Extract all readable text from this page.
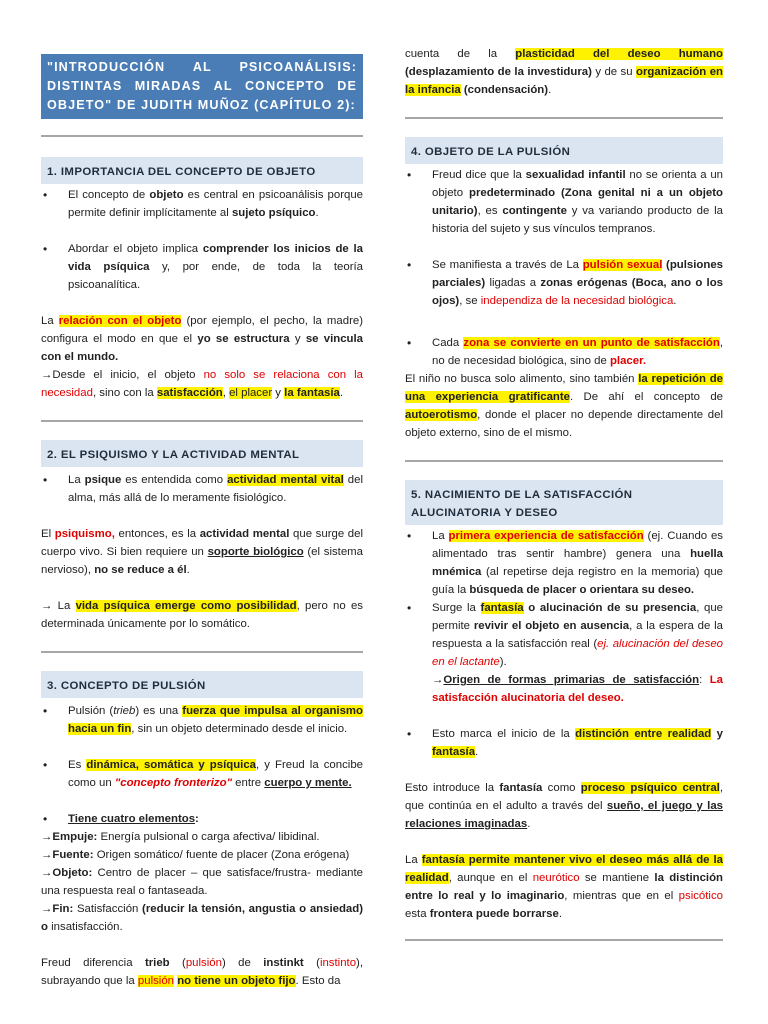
"INTRODUCCIÓN AL PSICOANÁLISIS:
DISTINTAS MIRADAS AL CONCEPTO DE
OBJETO" DE JUDITH MUÑOZ (CAPÍTULO 2):
1. IMPORTANCIA DEL CONCEPTO DE OBJETO
• El concepto de objeto es central en psicoanálisis porque permite definir implícitamente al sujeto psíquico.
• Abordar el objeto implica comprender los inicios de la vida psíquica y, por ende, de toda la teoría psicoanalítica.
La relación con el objeto (por ejemplo, el pecho, la madre) configura el modo en que el yo se estructura y se vincula con el mundo.
→Desde el inicio, el objeto no solo se relaciona con la necesidad, sino con la satisfacción, el placer y la fantasía.
2. EL PSIQUISMO Y LA ACTIVIDAD MENTAL
• La psique es entendida como actividad mental vital del alma, más allá de lo meramente fisiológico.
El psiquismo, entonces, es la actividad mental que surge del cuerpo vivo. Si bien requiere un soporte biológico (el sistema nervioso), no se reduce a él.
→ La vida psíquica emerge como posibilidad, pero no es determinada únicamente por lo somático.
3. CONCEPTO DE PULSIÓN
• Pulsión (trieb) es una fuerza que impulsa al organismo hacia un fin, sin un objeto determinado desde el inicio.
• Es dinámica, somática y psíquica, y Freud la concibe como un "concepto fronterizo" entre cuerpo y mente.
• Tiene cuatro elementos:
→Empuje: Energía pulsional o carga afectiva/ libidinal.
→Fuente: Origen somático/ fuente de placer (Zona erógena)
→Objeto: Centro de placer – que satisface/frustra- mediante una respuesta real o fantaseada.
→Fin: Satisfacción (reducir la tensión, angustia o ansiedad) o insatisfacción.
Freud diferencia trieb (pulsión) de instinkt (instinto), subrayando que la pulsión no tiene un objeto fijo. Esto da
cuenta de la plasticidad del deseo humano (desplazamiento de la investidura) y de su organización en la infancia (condensación).
4. OBJETO DE LA PULSIÓN
• Freud dice que la sexualidad infantil no se orienta a un objeto predeterminado (Zona genital ni a un objeto unitario), es contingente y va variando producto de la historia del sujeto y sus vínculos tempranos.
• Se manifiesta a través de La pulsión sexual (pulsiones parciales) ligadas a zonas erógenas (Boca, ano o los ojos), se independiza de la necesidad biológica.
• Cada zona se convierte en un punto de satisfacción, no de necesidad biológica, sino de placer.
El niño no busca solo alimento, sino también la repetición de una experiencia gratificante. De ahí el concepto de autoerotismo, donde el placer no depende directamente del objeto externo, sino de el mismo.
5. NACIMIENTO DE LA SATISFACCIÓN ALUCINATORIA Y DESEO
• La primera experiencia de satisfacción (ej. Cuando es alimentado tras sentir hambre) genera una huella mnémica (al repetirse deja registro en la memoria) que guía la búsqueda de placer o orientara su deseo.
• Surge la fantasía o alucinación de su presencia, que permite revivir el objeto en ausencia, a la espera de la respuesta a la satisfacción real (ej. alucinación del deseo en el lactante).
→Origen de formas primarias de satisfacción: La satisfacción alucinatoria del deseo.
• Esto marca el inicio de la distinción entre realidad y fantasía.
Esto introduce la fantasía como proceso psíquico central, que continúa en el adulto a través del sueño, el juego y las relaciones imaginadas.
La fantasía permite mantener vivo el deseo más allá de la realidad, aunque en el neurótico se mantiene la distinción entre lo real y lo imaginario, mientras que en el psicótico esta frontera puede borrarse.
